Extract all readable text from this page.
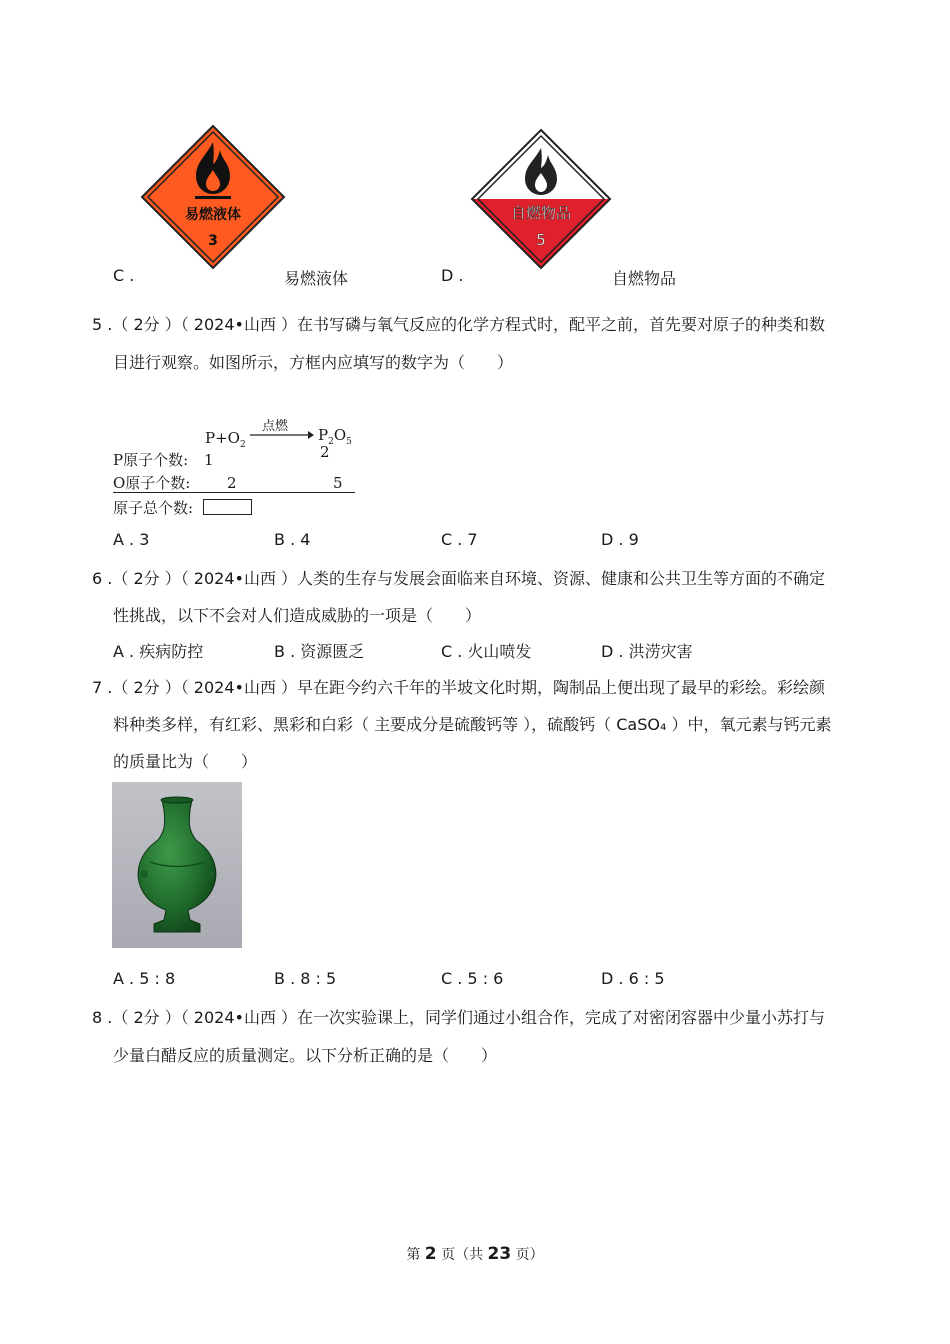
易燃液体
3
自燃物品
5
C .	易燃液体	D .	自燃物品
5 .（ 2分 ）（ 2024•山西 ）在书写磷与氧气反应的化学方程式时，配平之前，首先要对原子的种类和数
目进行观察。如图所示，方框内应填写的数字为（　　）
$P+O_2$
点燃 $P_2O_5$
P原子个数: 1	2
O原子个数: 2	5
原子总个数:
A . 3	B . 4	C . 7	D . 9
6 .（ 2分 ）（ 2024•山西 ）人类的生存与发展会面临来自环境、资源、健康和公共卫生等方面的不确定
性挑战，以下不会对人们造成威胁的一项是（　　）
A . 疾病防控	B . 资源匮乏	C . 火山喷发	D . 洪涝灾害
7 .（ 2分 ）（ 2024•山西 ）早在距今约六千年的半坡文化时期，陶制品上便出现了最早的彩绘。彩绘颜
料种类多样，有红彩、黑彩和白彩（ 主要成分是硫酸钙等 ），硫酸钙（ CaSO₄ ）中，氧元素与钙元素
的质量比为（　　）
A . 5 : 8	B . 8 : 5	C . 5 : 6	D . 6 : 5
8 .（ 2分 ）（ 2024•山西 ）在一次实验课上，同学们通过小组合作，完成了对密闭容器中少量小苏打与
少量白醋反应的质量测定。以下分析正确的是（　　）
第 2 页（共 23 页）
